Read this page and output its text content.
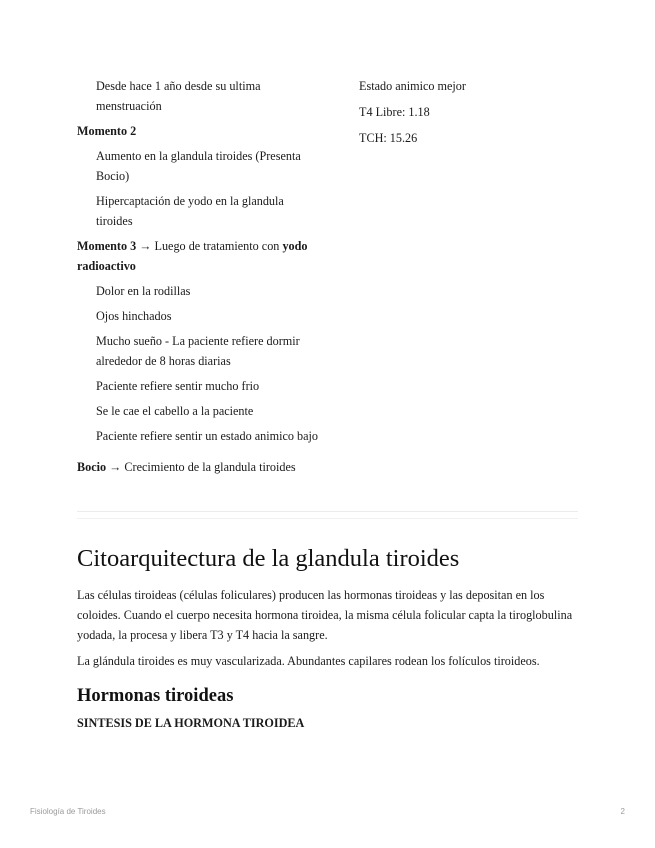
Desde hace 1 año desde su ultima menstruación

Momento 2

Aumento en la glandula tiroides (Presenta Bocio)

Hipercaptación de yodo en la glandula tiroides

Momento 3 → Luego de tratamiento con yodo radioactivo

Dolor en la rodillas

Ojos hinchados

Mucho sueño - La paciente refiere dormir alrededor de 8 horas diarias

Paciente refiere sentir mucho frio

Se le cae el cabello a la paciente

Paciente refiere sentir un estado animico bajo

Bocio → Crecimiento de la glandula tiroides

Estado animico mejor

T4 Libre: 1.18

TCH: 15.26

Citoarquitectura de la glandula tiroides

Las células tiroideas (células foliculares) producen las hormonas tiroideas y las depositan en los coloides. Cuando el cuerpo necesita hormona tiroidea, la misma célula folicular capta la tiroglobulina yodada, la procesa y libera T3 y T4 hacia la sangre.

La glándula tiroides es muy vascularizada. Abundantes capilares rodean los folículos tiroideos.

Hormonas tiroideas
SINTESIS DE LA HORMONA TIROIDEA
Fisiología de Tiroides	2
